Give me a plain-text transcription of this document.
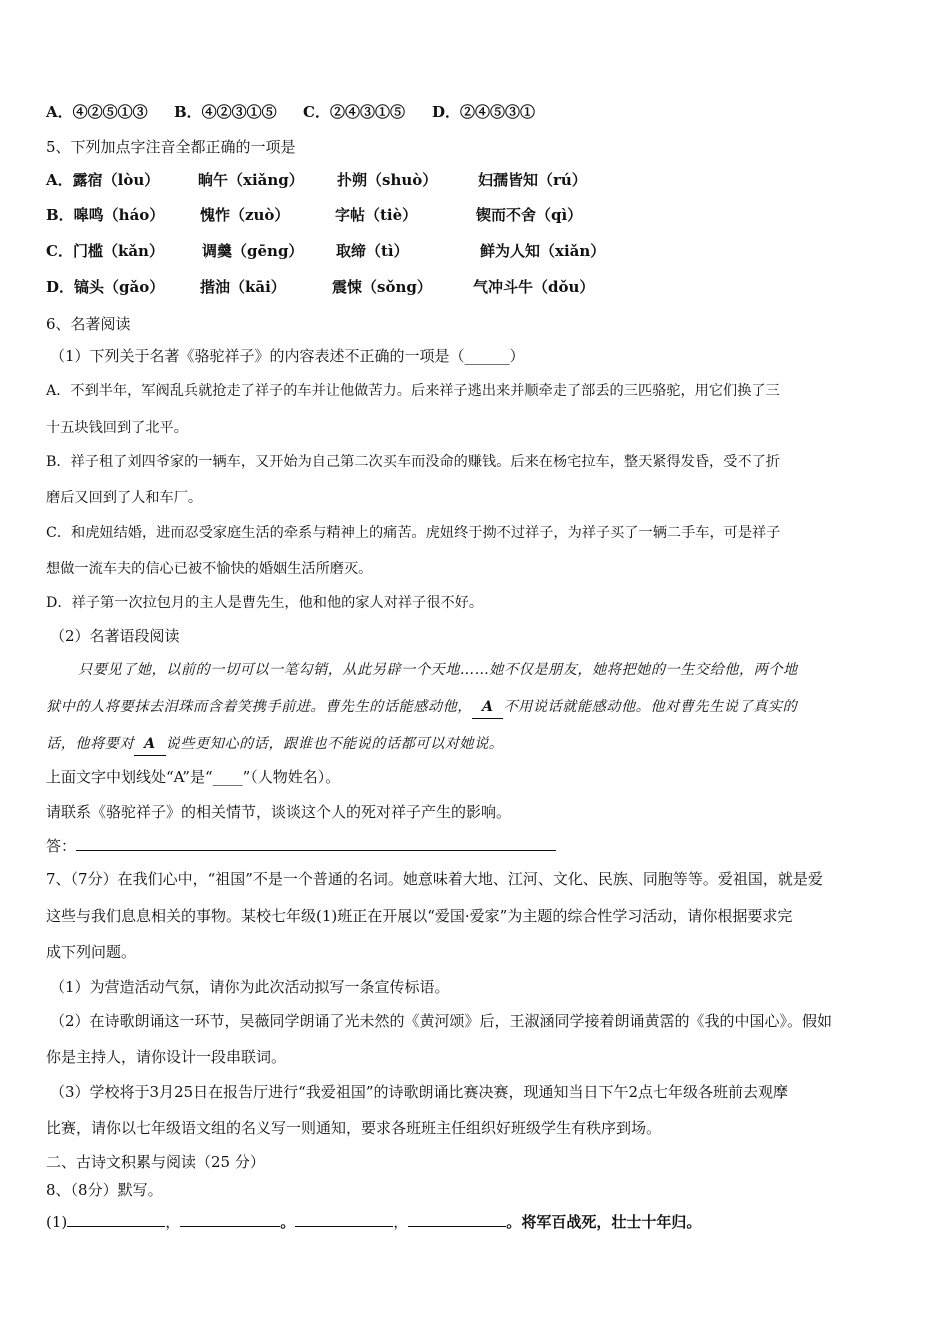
A．④②⑤①③ B．④②③①⑤ C．②④③①⑤ D．②④⑤③①
5、下列加点字注音全都正确的一项是
A．露宿（lòu）	晌午（xiǎng） 扑朔（shuò）	妇孺皆知（rú）
B．嗥鸣（háo） 愧怍（zuò）	字帖（tiè）	锲而不舍（qì）
C．门槛（kǎn）	调羹（gēng） 取缔（tì）	鲜为人知（xiǎn）
D．镐头（gǎo） 揩油（kāi）	震悚（sǒng）	气冲斗牛（dǒu）
6、名著阅读
（1）下列关于名著《骆驼祥子》的内容表述不正确的一项是（______）
A．不到半年，军阀乱兵就抢走了祥子的车并让他做苦力。后来祥子逃出来并顺牵走了部丢的三匹骆驼，用它们换了三
十五块钱回到了北平。
B．祥子租了刘四爷家的一辆车，又开始为自己第二次买车而没命的赚钱。后来在杨宅拉车，整天紧得发昏，受不了折
磨后又回到了人和车厂。
C．和虎妞结婚，进而忍受家庭生活的牵系与精神上的痛苦。虎妞终于拗不过祥子，为祥子买了一辆二手车，可是祥子
想做一流车夫的信心已被不愉快的婚姻生活所磨灭。
D．祥子第一次拉包月的主人是曹先生，他和他的家人对祥子很不好。
（2）名著语段阅读
只要见了她，以前的一切可以一笔勾销，从此另辟一个天地……她不仅是朋友，她将把她的一生交给他，两个地
狱中的人将要抹去泪珠而含着笑携手前进。曹先生的话能感动他， A 不用说话就能感动他。他对曹先生说了真实的
话，他将要对 A 说些更知心的话，跟谁也不能说的话都可以对她说。
上面文字中划线处“A”是“____”（人物姓名）。
请联系《骆驼祥子》的相关情节，谈谈这个人的死对祥子产生的影响。
答：
7、（7分）在我们心中，“祖国”不是一个普通的名词。她意味着大地、江河、文化、民族、同胞等等。爱祖国，就是爱
这些与我们息息相关的事物。某校七年级(1)班正在开展以“爱国·爱家”为主题的综合性学习活动，请你根据要求完
成下列问题。
（1）为营造活动气氛，请你为此次活动拟写一条宣传标语。
（2）在诗歌朗诵这一环节，吴薇同学朗诵了光未然的《黄河颂》后，王淑涵同学接着朗诵黄霑的《我的中国心》。假如
你是主持人，请你设计一段串联词。
（3）学校将于3月25日在报告厅进行“我爱祖国”的诗歌朗诵比赛决赛，现通知当日下午2点七年级各班前去观摩
比赛，请你以七年级语文组的名义写一则通知，要求各班班主任组织好班级学生有秩序到场。
二、古诗文积累与阅读（25 分）
8、（8分）默写。
(1)	，	。	，	。将军百战死，壮士十年归。
